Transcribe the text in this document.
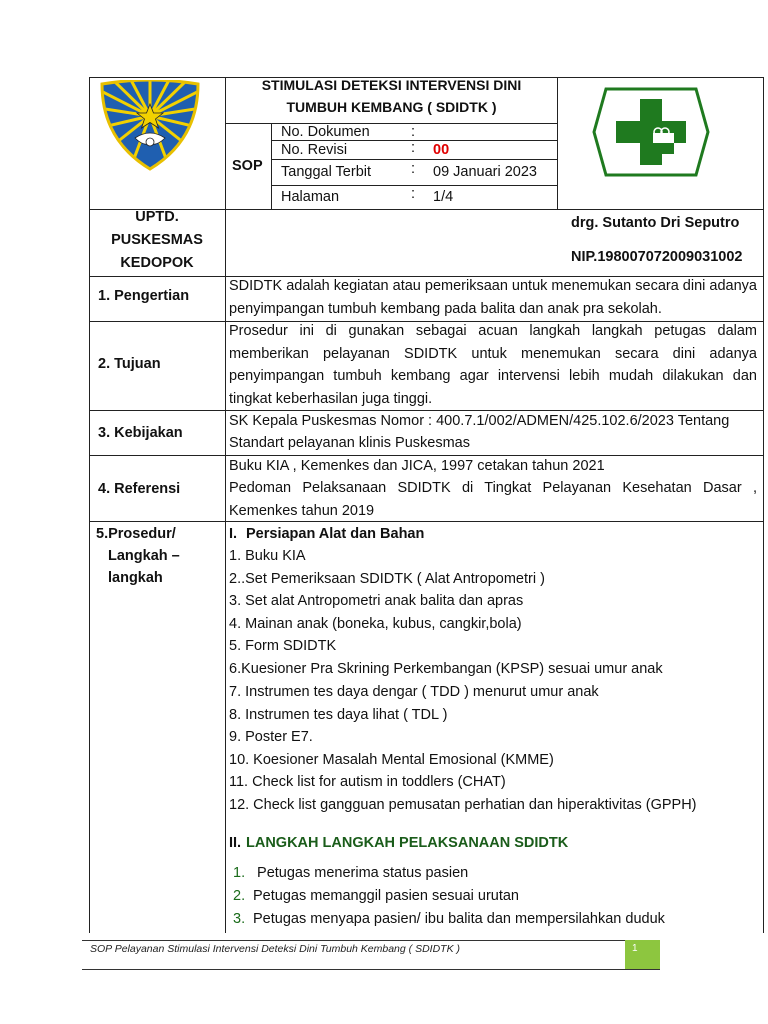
STIMULASI DETEKSI INTERVENSI DINI
TUMBUH KEMBANG ( SDIDTK )
SOP
No. Dokumen	:
No. Revisi	: 00
Tanggal Terbit	: 09 Januari 2023
Halaman	: 1/4
UPTD.
PUSKESMAS
KEDOPOK
drg. Sutanto Dri Seputro
NIP.198007072009031002
1. Pengertian
SDIDTK adalah kegiatan atau pemeriksaan untuk menemukan secara dini adanya penyimpangan tumbuh kembang pada balita dan anak pra sekolah.
2. Tujuan
Prosedur ini di gunakan sebagai acuan langkah langkah petugas dalam memberikan pelayanan SDIDTK untuk menemukan secara dini adanya penyimpangan tumbuh kembang agar intervensi lebih mudah dilakukan dan tingkat keberhasilan juga tinggi.
3. Kebijakan
SK Kepala Puskesmas Nomor : 400.7.1/002/ADMEN/425.102.6/2023 Tentang
Standart pelayanan klinis Puskesmas
4. Referensi
Buku KIA , Kemenkes dan JICA, 1997 cetakan tahun 2021
Pedoman Pelaksanaan SDIDTK di Tingkat Pelayanan Kesehatan Dasar , Kemenkes tahun 2019
5.Prosedur/
Langkah –
langkah
I. Persiapan Alat dan Bahan
1. Buku KIA
2..Set Pemeriksaan SDIDTK ( Alat Antropometri )
3. Set alat Antropometri anak balita dan apras
4. Mainan anak (boneka, kubus, cangkir,bola)
5. Form SDIDTK
6.Kuesioner Pra Skrining Perkembangan (KPSP) sesuai umur anak
7. Instrumen tes daya dengar ( TDD ) menurut umur anak
8. Instrumen tes daya lihat ( TDL )
9. Poster E7.
10. Koesioner Masalah Mental Emosional (KMME)
11. Check list for autism in toddlers (CHAT)
12. Check list gangguan pemusatan perhatian dan hiperaktivitas (GPPH)
II. LANGKAH LANGKAH PELAKSANAAN SDIDTK
1. Petugas menerima status pasien
2. Petugas memanggil pasien sesuai urutan
3. Petugas menyapa pasien/ ibu balita dan mempersilahkan duduk
SOP Pelayanan Stimulasi Intervensi Deteksi Dini Tumbuh Kembang ( SDIDTK )	1
